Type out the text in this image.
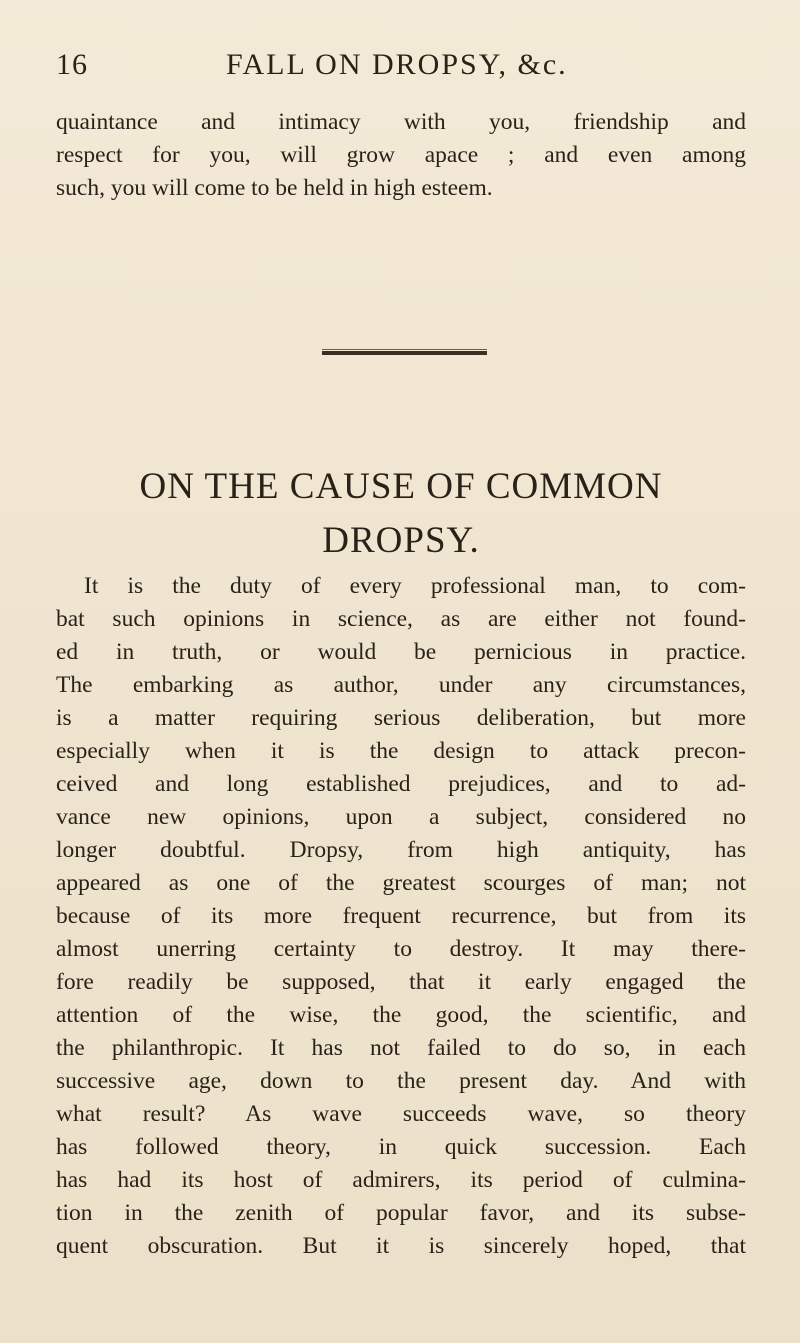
16	FALL ON DROPSY, &c.
quaintance and intimacy with you, friendship and
respect for you, will grow apace ; and even among
such, you will come to be held in high esteem.
ON THE CAUSE OF COMMON
DROPSY.
It is the duty of every professional man, to com-
bat such opinions in science, as are either not found-
ed in truth, or would be pernicious in practice.
The embarking as author, under any circumstances,
is a matter requiring serious deliberation, but more
especially when it is the design to attack precon-
ceived and long established prejudices, and to ad-
vance new opinions, upon a subject, considered no
longer doubtful. Dropsy, from high antiquity, has
appeared as one of the greatest scourges of man; not
because of its more frequent recurrence, but from its
almost unerring certainty to destroy. It may there-
fore readily be supposed, that it early engaged the
attention of the wise, the good, the scientific, and
the philanthropic. It has not failed to do so, in each
successive age, down to the present day. And with
what result? As wave succeeds wave, so theory
has followed theory, in quick succession. Each
has had its host of admirers, its period of culmina-
tion in the zenith of popular favor, and its subse-
quent obscuration. But it is sincerely hoped, that
